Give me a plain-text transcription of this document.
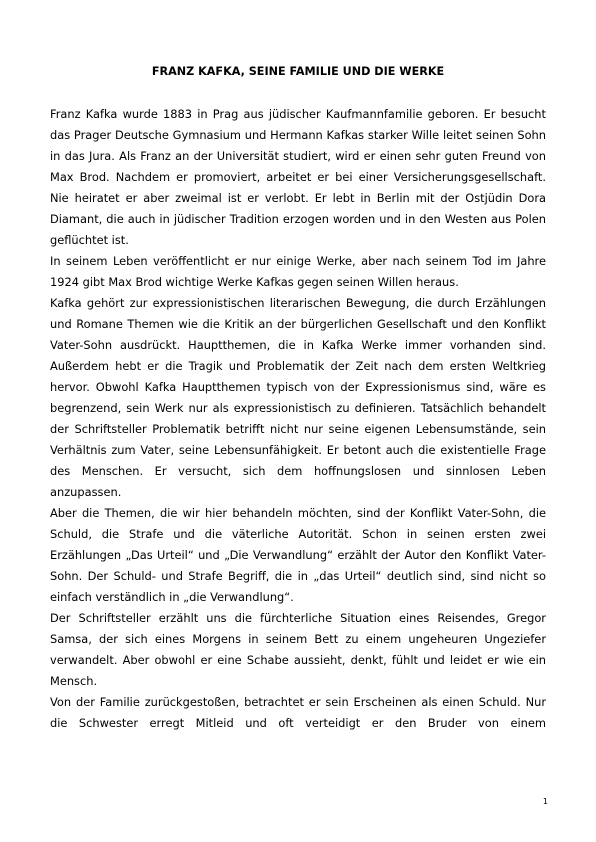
FRANZ KAFKA, SEINE FAMILIE UND DIE WERKE

Franz Kafka wurde 1883 in Prag aus jüdischer Kaufmannfamilie geboren. Er besucht das Prager Deutsche Gymnasium und Hermann Kafkas starker Wille leitet seinen Sohn in das Jura. Als Franz an der Universität studiert, wird er einen sehr guten Freund von Max Brod. Nachdem er promoviert, arbeitet er bei einer Versicherungsgesellschaft. Nie heiratet er aber zweimal ist er verlobt. Er lebt in Berlin mit der Ostjüdin Dora Diamant, die auch in jüdischer Tradition erzogen worden und in den Westen aus Polen geflüchtet ist.

In seinem Leben veröffentlicht er nur einige Werke, aber nach seinem Tod im Jahre 1924 gibt Max Brod wichtige Werke Kafkas gegen seinen Willen heraus.

Kafka gehört zur expressionistischen literarischen Bewegung, die durch Erzählungen und Romane Themen wie die Kritik an der bürgerlichen Gesellschaft und den Konflikt Vater-Sohn ausdrückt. Hauptthemen, die in Kafka Werke immer vorhanden sind. Außerdem hebt er die Tragik und Problematik der Zeit nach dem ersten Weltkrieg hervor. Obwohl Kafka Hauptthemen typisch von der Expressionismus sind, wäre es begrenzend, sein Werk nur als expressionistisch zu definieren. Tatsächlich behandelt der Schriftsteller Problematik betrifft nicht nur seine eigenen Lebensumstände, sein Verhältnis zum Vater, seine Lebensunfähigkeit. Er betont auch die existentielle Frage des Menschen. Er versucht, sich dem hoffnungslosen und sinnlosen Leben anzupassen.

Aber die Themen, die wir hier behandeln möchten, sind der Konflikt Vater-Sohn, die Schuld, die Strafe und die väterliche Autorität. Schon in seinen ersten zwei Erzählungen „Das Urteil“ und „Die Verwandlung“ erzählt der Autor den Konflikt Vater-Sohn. Der Schuld- und Strafe Begriff, die in „das Urteil“ deutlich sind, sind nicht so einfach verständlich in „die Verwandlung“.

Der Schriftsteller erzählt uns die fürchterliche Situation eines Reisendes, Gregor Samsa, der sich eines Morgens in seinem Bett zu einem ungeheuren Ungeziefer verwandelt. Aber obwohl er eine Schabe aussieht, denkt, fühlt und leidet er wie ein Mensch.

Von der Familie zurückgestoßen, betrachtet er sein Erscheinen als einen Schuld. Nur die Schwester erregt Mitleid und oft verteidigt er den Bruder von einem

1
